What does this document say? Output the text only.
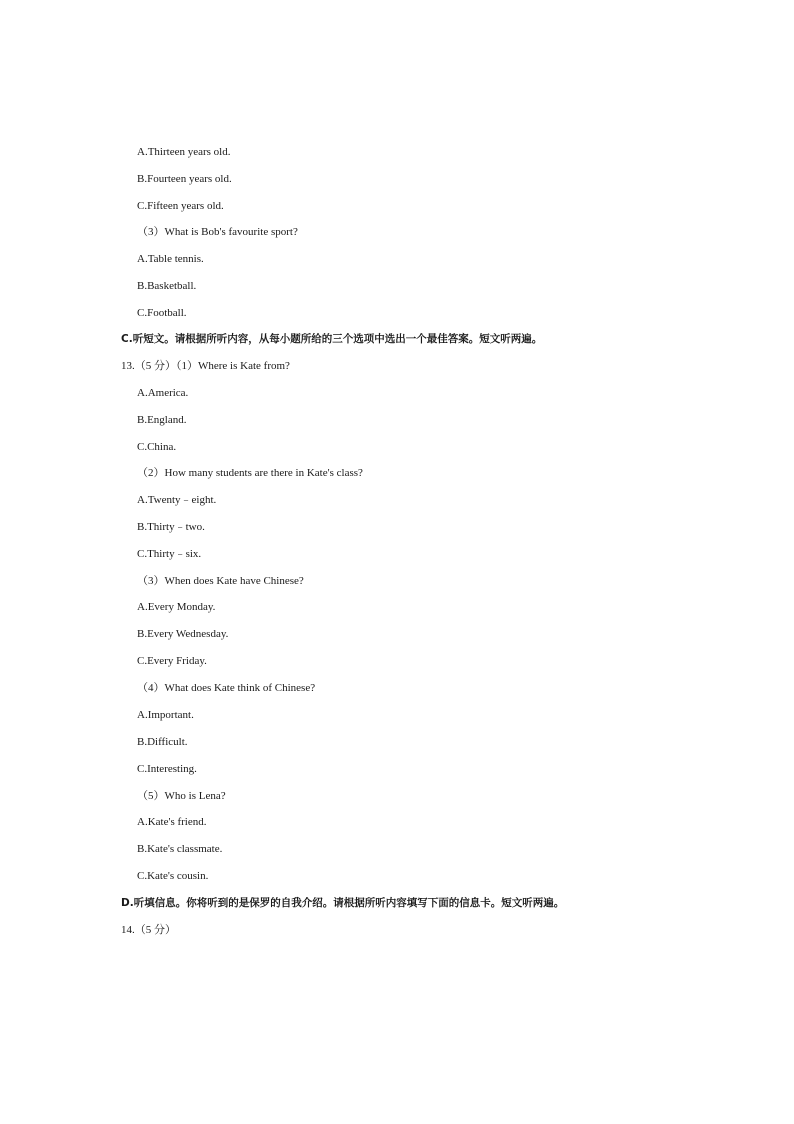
A.Thirteen years old.
B.Fourteen years old.
C.Fifteen years old.
（3）What is Bob's favourite sport?
A.Table tennis.
B.Basketball.
C.Football.
C.听短文。请根据所听内容，从每小题所给的三个选项中选出一个最佳答案。短文听两遍。
13.（5 分）（1）Where is Kate from?
A.America.
B.England.
C.China.
（2）How many students are there in Kate's class?
A.Twenty﹣eight.
B.Thirty﹣two.
C.Thirty﹣six.
（3）When does Kate have Chinese?
A.Every Monday.
B.Every Wednesday.
C.Every Friday.
（4）What does Kate think of Chinese?
A.Important.
B.Difficult.
C.Interesting.
（5）Who is Lena?
A.Kate's friend.
B.Kate's classmate.
C.Kate's cousin.
D.听填信息。你将听到的是保罗的自我介绍。请根据所听内容填写下面的信息卡。短文听两遍。
14.（5 分）
